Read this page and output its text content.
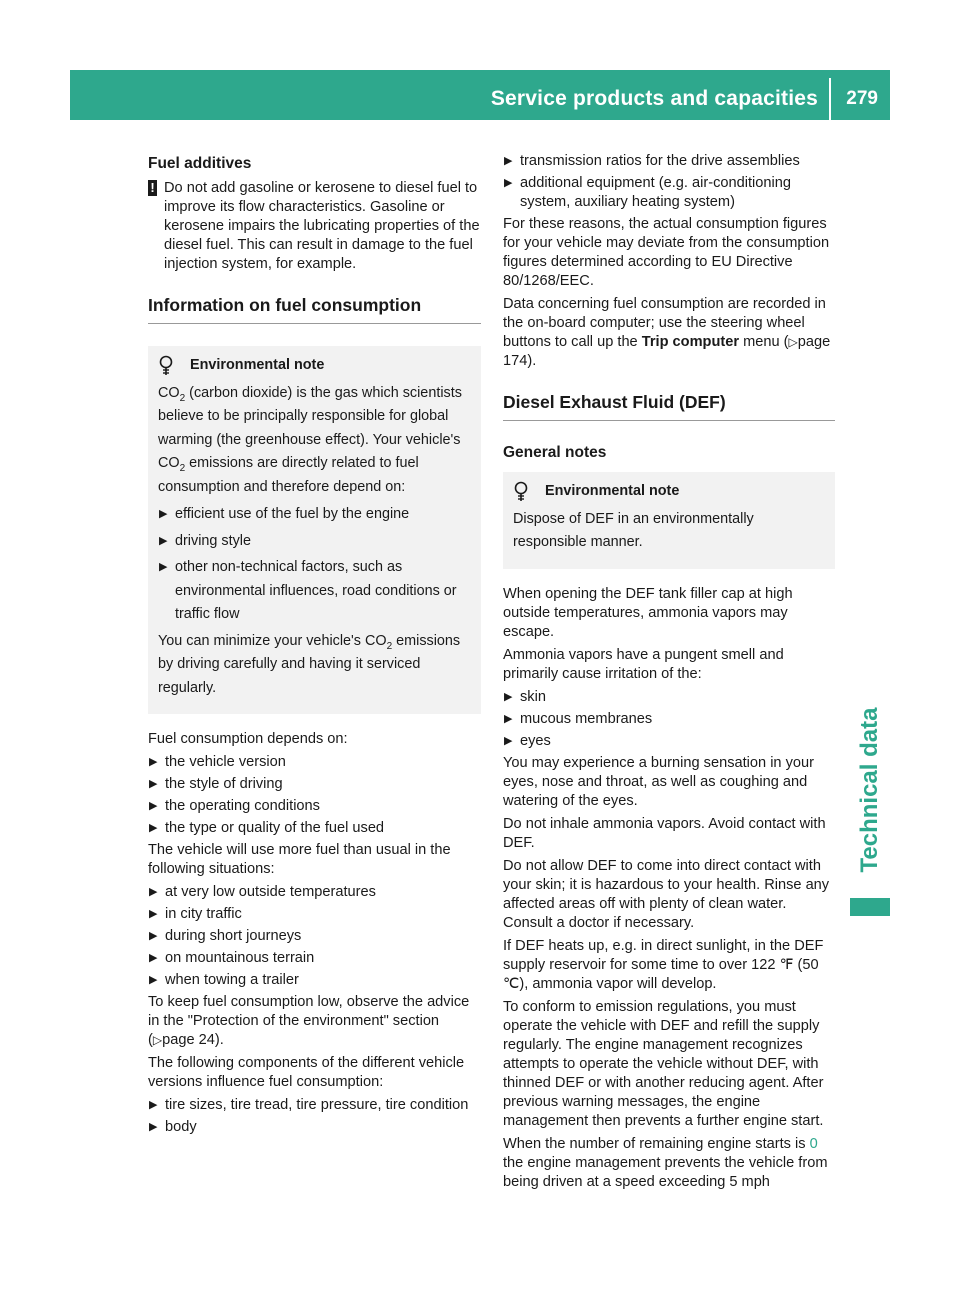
Service products and capacities 279
Technical data
Fuel additives
! Do not add gasoline or kerosene to diesel fuel to improve its flow characteristics. Gasoline or kerosene impairs the lubricating properties of the diesel fuel. This can result in damage to the fuel injection system, for example.
Information on fuel consumption
Environmental note

$CO_2$ (carbon dioxide) is the gas which scientists believe to be principally responsible for global warming (the greenhouse effect). Your vehicle's $CO_2$ emissions are directly related to fuel consumption and therefore depend on:

▶ efficient use of the fuel by the engine
▶ driving style
▶ other non-technical factors, such as environmental influences, road conditions or traffic flow

You can minimize your vehicle's $CO_2$ emissions by driving carefully and having it serviced regularly.

Fuel consumption depends on:

▶ the vehicle version
▶ the style of driving
▶ the operating conditions
▶ the type or quality of the fuel used

The vehicle will use more fuel than usual in the following situations:

▶ at very low outside temperatures
▶ in city traffic
▶ during short journeys
▶ on mountainous terrain
▶ when towing a trailer

To keep fuel consumption low, observe the advice in the "Protection of the environment" section (▷page 24).

The following components of the different vehicle versions influence fuel consumption:

▶ tire sizes, tire tread, tire pressure, tire condition
▶ body
▶ transmission ratios for the drive assemblies
▶ additional equipment (e.g. air-conditioning system, auxiliary heating system)

For these reasons, the actual consumption figures for your vehicle may deviate from the consumption figures determined according to EU Directive 80/1268/EEC.

Data concerning fuel consumption are recorded in the on-board computer; use the steering wheel buttons to call up the Trip computer menu (▷page 174).

Diesel Exhaust Fluid (DEF)
General notes
Environmental note

Dispose of DEF in an environmentally responsible manner.

When opening the DEF tank filler cap at high outside temperatures, ammonia vapors may escape.

Ammonia vapors have a pungent smell and primarily cause irritation of the:

▶ skin
▶ mucous membranes
▶ eyes

You may experience a burning sensation in your eyes, nose and throat, as well as coughing and watering of the eyes.

Do not inhale ammonia vapors. Avoid contact with DEF.

Do not allow DEF to come into direct contact with your skin; it is hazardous to your health. Rinse any affected areas off with plenty of clean water. Consult a doctor if necessary.

If DEF heats up, e.g. in direct sunlight, in the DEF supply reservoir for some time to over 122 ℉ (50 ℃), ammonia vapor will develop.

To conform to emission regulations, you must operate the vehicle with DEF and refill the supply regularly. The engine management recognizes attempts to operate the vehicle without DEF, with thinned DEF or with another reducing agent. After previous warning messages, the engine management then prevents a further engine start.

When the number of remaining engine starts is 0 the engine management prevents the vehicle from being driven at a speed exceeding 5 mph
